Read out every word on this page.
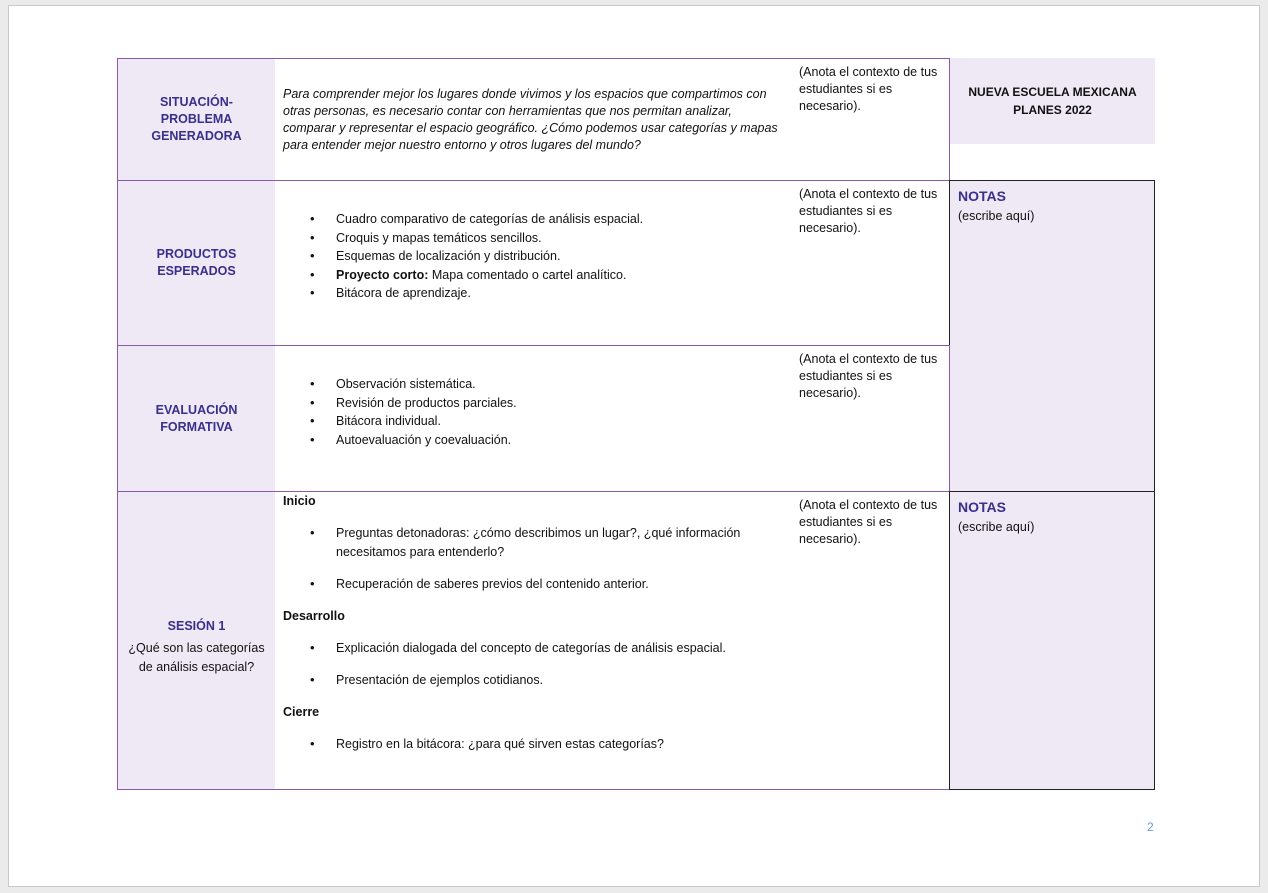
SITUACIÓN-PROBLEMA GENERADORA
Para comprender mejor los lugares donde vivimos y los espacios que compartimos con otras personas, es necesario contar con herramientas que nos permitan analizar, comparar y representar el espacio geográfico. ¿Cómo podemos usar categorías y mapas para entender mejor nuestro entorno y otros lugares del mundo?
(Anota el contexto de tus estudiantes si es necesario).
NUEVA ESCUELA MEXICANA PLANES 2022
PRODUCTOS ESPERADOS
• Cuadro comparativo de categorías de análisis espacial.
• Croquis y mapas temáticos sencillos.
• Esquemas de localización y distribución.
• Proyecto corto: Mapa comentado o cartel analítico.
• Bitácora de aprendizaje.
(Anota el contexto de tus estudiantes si es necesario).
NOTAS
(escribe aquí)
EVALUACIÓN FORMATIVA
• Observación sistemática.
• Revisión de productos parciales.
• Bitácora individual.
• Autoevaluación y coevaluación.
(Anota el contexto de tus estudiantes si es necesario).
SESIÓN 1
¿Qué son las categorías de análisis espacial?
Inicio
• Preguntas detonadoras: ¿cómo describimos un lugar?, ¿qué información necesitamos para entenderlo?
• Recuperación de saberes previos del contenido anterior.
Desarrollo
• Explicación dialogada del concepto de categorías de análisis espacial.
• Presentación de ejemplos cotidianos.
Cierre
• Registro en la bitácora: ¿para qué sirven estas categorías?
(Anota el contexto de tus estudiantes si es necesario).
NOTAS
(escribe aquí)
2
